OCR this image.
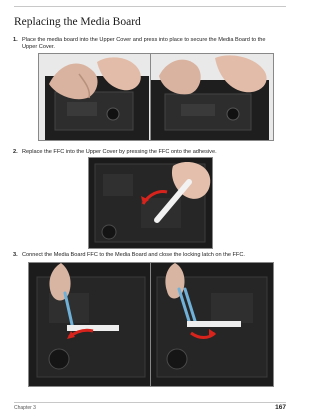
Replacing the Media Board
1. Place the media board into the Upper Cover and press into place to secure the Media Board to the Upper Cover.
2. Replace the FFC into the Upper Cover by pressing the FFC onto the adhesive.
3. Connect the Media Board FFC to the Media Board and close the locking latch on the FFC.
Chapter 3	167
